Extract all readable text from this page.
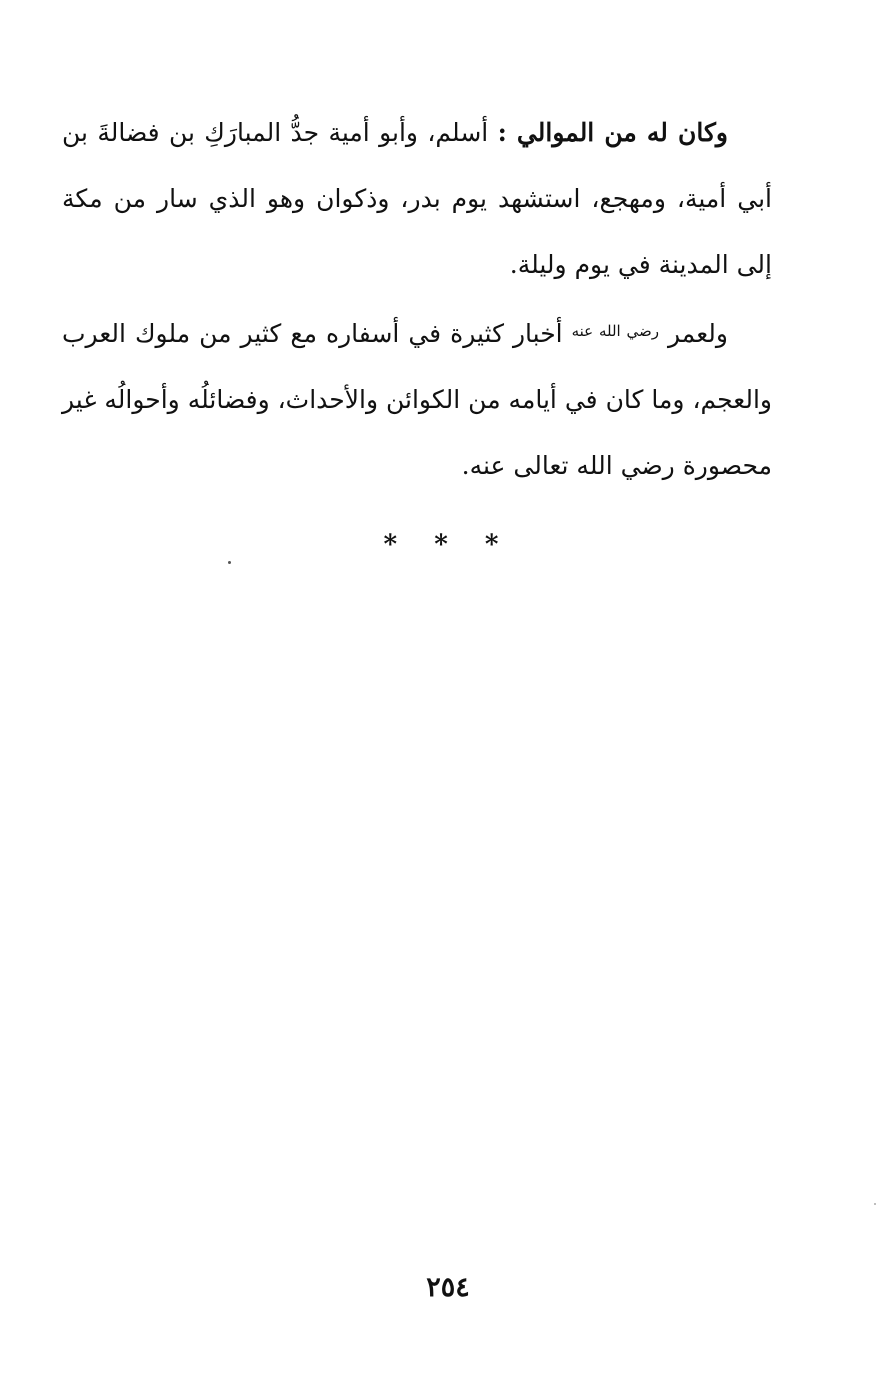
وكان له من الموالي : أسلم، وأبو أمية جدُّ المبارَكِ بن فضالةَ بن أبي أمية، ومهجع، استشهد يوم بدر، وذكوان وهو الذي سار من مكة إلى المدينة في يوم وليلة.

ولعمر $^{رضي الله عنه}$ أخبار كثيرة في أسفاره مع كثير من ملوك العرب والعجم، وما كان في أيامه من الكوائن والأحداث، وفضائلُه وأحوالُه غير محصورة رضي الله تعالى عنه.

* * *
٢٥٤
